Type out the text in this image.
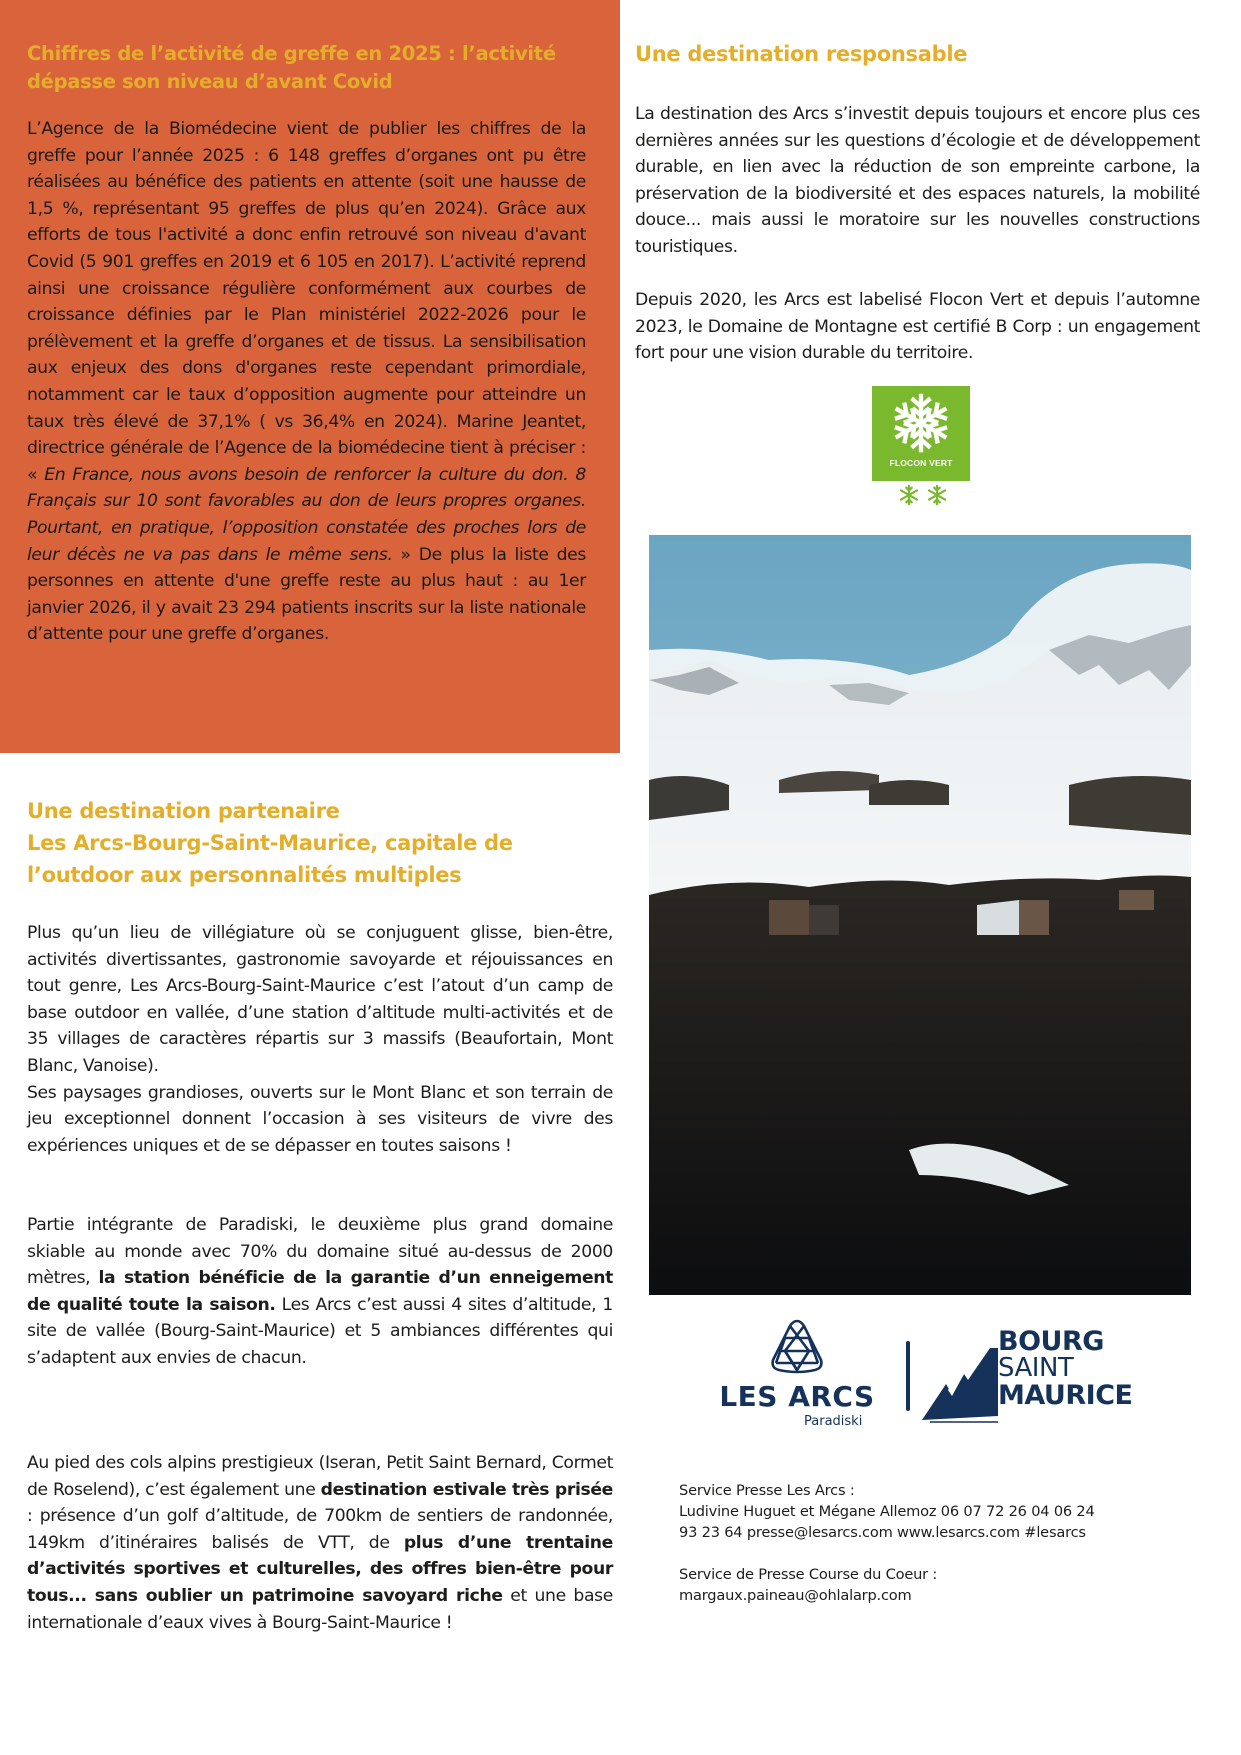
Chiffres de l’activité de greffe en 2025 : l’activité dépasse son niveau d’avant Covid
L’Agence de la Biomédecine vient de publier les chiffres de la greffe pour l’année 2025 : 6 148 greffes d’organes ont pu être réalisées au bénéfice des patients en attente (soit une hausse de 1,5 %, représentant 95 greffes de plus qu’en 2024). Grâce aux efforts de tous l'activité a donc enfin retrouvé son niveau d'avant Covid (5 901 greffes en 2019 et 6 105 en 2017). L’activité reprend ainsi une croissance régulière conformément aux courbes de croissance définies par le Plan ministériel 2022-2026 pour le prélèvement et la greffe d’organes et de tissus. La sensibilisation aux enjeux des dons d'organes reste cependant primordiale, notamment car le taux d’opposition augmente pour atteindre un taux très élevé de 37,1% ( vs 36,4% en 2024). Marine Jeantet, directrice générale de l’Agence de la biomédecine tient à préciser : « En France, nous avons besoin de renforcer la culture du don. 8 Français sur 10 sont favorables au don de leurs propres organes. Pourtant, en pratique, l’opposition constatée des proches lors de leur décès ne va pas dans le même sens. » De plus la liste des personnes en attente d'une greffe reste au plus haut : au 1er janvier 2026, il y avait 23 294 patients inscrits sur la liste nationale d’attente pour une greffe d’organes.
Une destination responsable
La destination des Arcs s’investit depuis toujours et encore plus ces dernières années sur les questions d’écologie et de développement durable, en lien avec la réduction de son empreinte carbone, la préservation de la biodiversité et des espaces naturels, la mobilité douce... mais aussi le moratoire sur les nouvelles constructions touristiques.
Depuis 2020, les Arcs est labelisé Flocon Vert et depuis l’automne 2023, le Domaine de Montagne est certifié B Corp : un engagement fort pour une vision durable du territoire.
FLOCON VERT
Une destination partenaire
Les Arcs-Bourg-Saint-Maurice, capitale de l’outdoor aux personnalités multiples
Plus qu’un lieu de villégiature où se conjuguent glisse, bien-être, activités divertissantes, gastronomie savoyarde et réjouissances en tout genre, Les Arcs-Bourg-Saint-Maurice c’est l’atout d’un camp de base outdoor en vallée, d’une station d’altitude multi-activités et de 35 villages de caractères répartis sur 3 massifs (Beaufortain, Mont Blanc, Vanoise).
Ses paysages grandioses, ouverts sur le Mont Blanc et son terrain de jeu exceptionnel donnent l’occasion à ses visiteurs de vivre des expériences uniques et de se dépasser en toutes saisons !
Partie intégrante de Paradiski, le deuxième plus grand domaine skiable au monde avec 70% du domaine situé au-dessus de 2000 mètres, la station bénéficie de la garantie d’un enneigement de qualité toute la saison. Les Arcs c’est aussi 4 sites d’altitude, 1 site de vallée (Bourg-Saint-Maurice) et 5 ambiances différentes qui s’adaptent aux envies de chacun.
Au pied des cols alpins prestigieux (Iseran, Petit Saint Bernard, Cormet de Roselend), c’est également une destination estivale très prisée : présence d’un golf d’altitude, de 700km de sentiers de randonnée, 149km d’itinéraires balisés de VTT, de plus d’une trentaine d’activités sportives et culturelles, des offres bien-être pour tous... sans oublier un patrimoine savoyard riche et une base internationale d’eaux vives à Bourg-Saint-Maurice !
LES ARCS
Paradiski
BOURG
SAINT
MAURICE
Service Presse Les Arcs :
Ludivine Huguet et Mégane Allemoz 06 07 72 26 04 06 24
93 23 64 presse@lesarcs.com www.lesarcs.com #lesarcs
Service de Presse Course du Coeur :
margaux.paineau@ohlalarp.com
